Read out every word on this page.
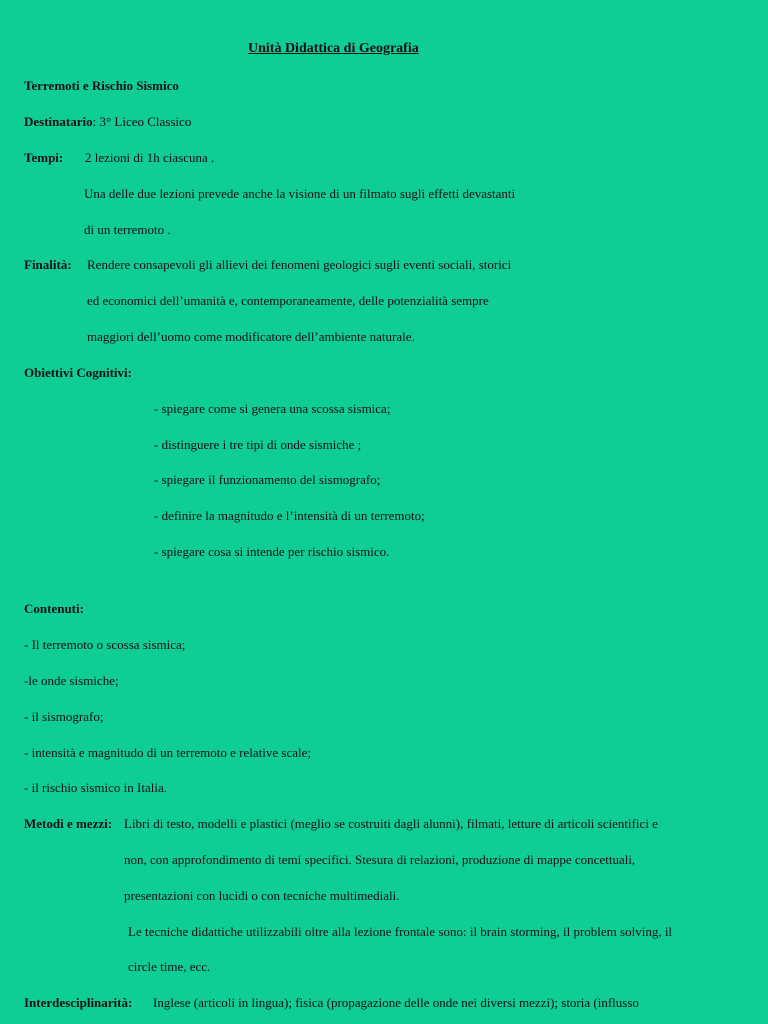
Unità Didattica di Geografia
Terremoti e Rischio Sismico
Destinatario: 3° Liceo Classico
Tempi: 2 lezioni di 1h ciascuna .
Una delle due lezioni prevede anche la visione di un filmato sugli effetti devastanti
di un terremoto .
Finalità: Rendere consapevoli gli allievi dei fenomeni geologici sugli eventi sociali, storici
ed economici dell’umanità e, contemporaneamente, delle potenzialità sempre
maggiori dell’uomo come modificatore dell’ambiente naturale.
Obiettivi Cognitivi:
- spiegare come si genera una scossa sismica;
- distinguere i tre tipi di onde sismiche ;
- spiegare il funzionamento del sismografo;
- definire la magnitudo e l’intensità di un terremoto;
- spiegare cosa si intende per rischio sismico.
Contenuti:
- Il terremoto o scossa sismica;
-le onde sismiche;
- il sismografo;
- intensità e magnitudo di un terremoto e relative scale;
- il rischio sismico in Italia.
Metodi e mezzi: Libri di testo, modelli e plastici (meglio se costruiti dagli alunni), filmati, letture di articoli scientifici e
non, con approfondimento di temi specifici. Stesura di relazioni, produzione di mappe concettuali,
presentazioni con lucidi o con tecniche multimediali.
Le tecniche didattiche utilizzabili oltre alla lezione frontale sono: il brain storming, il problem solving, il
circle time, ecc.
Interdesciplinarità: Inglese (articoli in lingua); fisica (propagazione delle onde nei diversi mezzi); storia (influsso
